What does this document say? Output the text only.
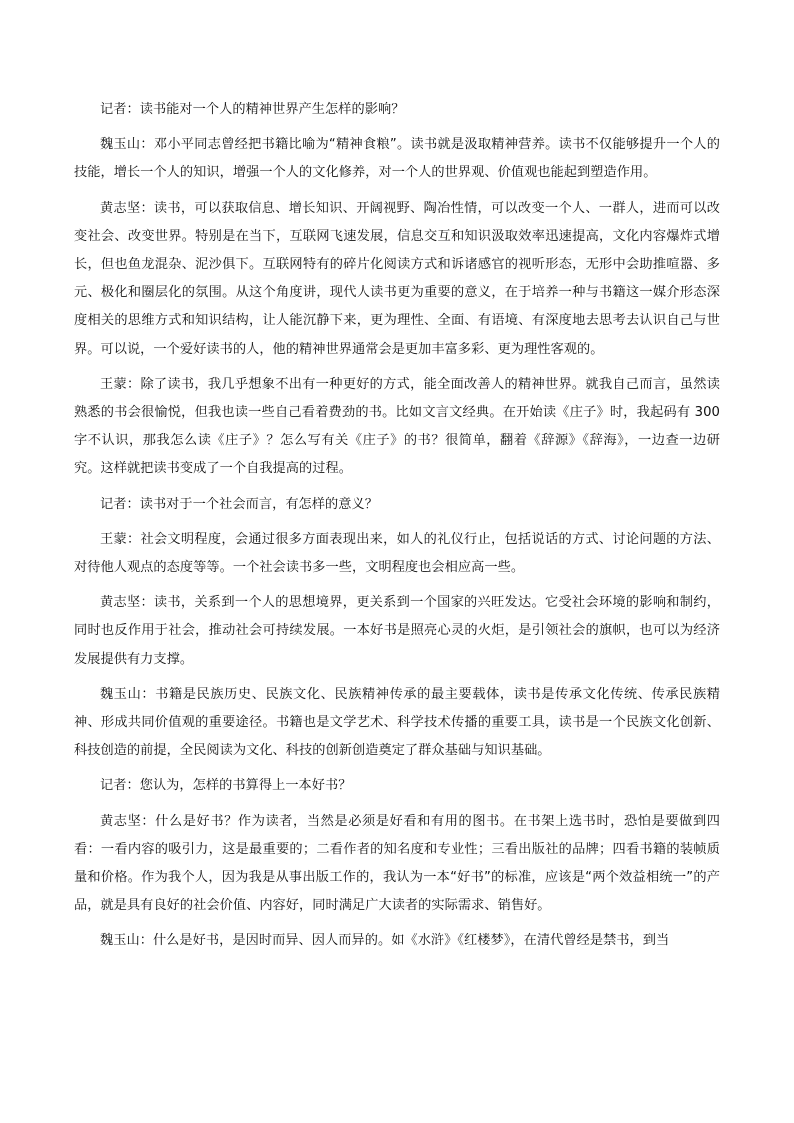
记者：读书能对一个人的精神世界产生怎样的影响？

魏玉山：邓小平同志曾经把书籍比喻为“精神食粮”。读书就是汲取精神营养。读书不仅能够提升一个人的技能，增长一个人的知识，增强一个人的文化修养，对一个人的世界观、价值观也能起到塑造作用。

黄志坚：读书，可以获取信息、增长知识、开阔视野、陶冶性情，可以改变一个人、一群人，进而可以改变社会、改变世界。特别是在当下，互联网飞速发展，信息交互和知识汲取效率迅速提高，文化内容爆炸式增长，但也鱼龙混杂、泥沙俱下。互联网特有的碎片化阅读方式和诉诸感官的视听形态，无形中会助推喧嚣、多元、极化和圈层化的氛围。从这个角度讲，现代人读书更为重要的意义，在于培养一种与书籍这一媒介形态深度相关的思维方式和知识结构，让人能沉静下来，更为理性、全面、有语境、有深度地去思考去认识自己与世界。可以说，一个爱好读书的人，他的精神世界通常会是更加丰富多彩、更为理性客观的。

王蒙：除了读书，我几乎想象不出有一种更好的方式，能全面改善人的精神世界。就我自己而言，虽然读熟悉的书会很愉悦，但我也读一些自己看着费劲的书。比如文言文经典。在开始读《庄子》时，我起码有 300 字不认识，那我怎么读《庄子》？怎么写有关《庄子》的书？很简单，翻着《辞源》《辞海》，一边查一边研究。这样就把读书变成了一个自我提高的过程。

记者：读书对于一个社会而言，有怎样的意义？

王蒙：社会文明程度，会通过很多方面表现出来，如人的礼仪行止，包括说话的方式、讨论问题的方法、对待他人观点的态度等等。一个社会读书多一些，文明程度也会相应高一些。

黄志坚：读书，关系到一个人的思想境界，更关系到一个国家的兴旺发达。它受社会环境的影响和制约，同时也反作用于社会，推动社会可持续发展。一本好书是照亮心灵的火炬，是引领社会的旗帜，也可以为经济发展提供有力支撑。

魏玉山：书籍是民族历史、民族文化、民族精神传承的最主要载体，读书是传承文化传统、传承民族精神、形成共同价值观的重要途径。书籍也是文学艺术、科学技术传播的重要工具，读书是一个民族文化创新、科技创造的前提，全民阅读为文化、科技的创新创造奠定了群众基础与知识基础。

记者：您认为，怎样的书算得上一本好书？

黄志坚：什么是好书？作为读者，当然是必须是好看和有用的图书。在书架上选书时，恐怕是要做到四看：一看内容的吸引力，这是最重要的；二看作者的知名度和专业性；三看出版社的品牌；四看书籍的装帧质量和价格。作为我个人，因为我是从事出版工作的，我认为一本“好书”的标准，应该是“两个效益相统一”的产品，就是具有良好的社会价值、内容好，同时满足广大读者的实际需求、销售好。

魏玉山：什么是好书，是因时而异、因人而异的。如《水浒》《红楼梦》，在清代曾经是禁书，到当
